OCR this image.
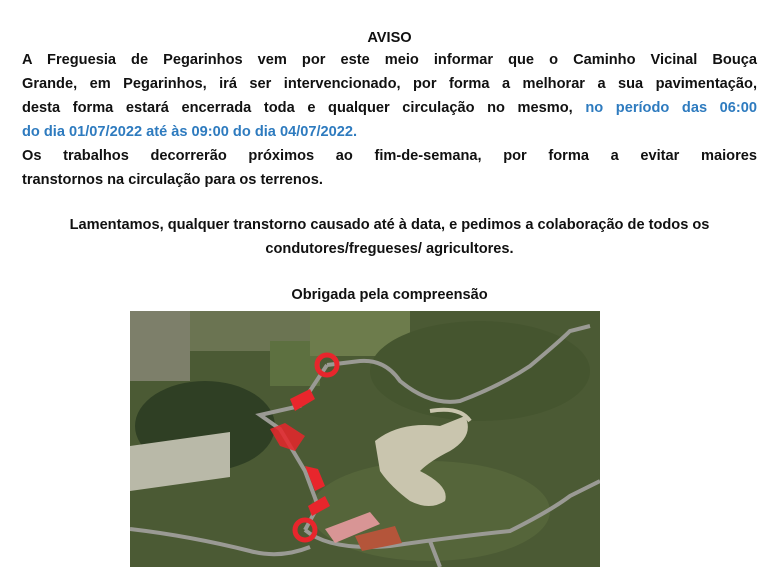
AVISO
A Freguesia de Pegarinhos vem por este meio informar que o Caminho Vicinal Bouça
Grande, em Pegarinhos, irá ser intervencionado, por forma a melhorar a sua pavimentação,
desta forma estará encerrada toda e qualquer circulação no mesmo, no período das 06:00
do dia 01/07/2022 até às 09:00 do dia 04/07/2022.
Os trabalhos decorrerão próximos ao fim-de-semana, por forma a evitar maiores
transtornos na circulação para os terrenos.
Lamentamos, qualquer transtorno causado até à data, e pedimos a colaboração de todos os
condutores/fregueses/ agricultores.
Obrigada pela compreensão
